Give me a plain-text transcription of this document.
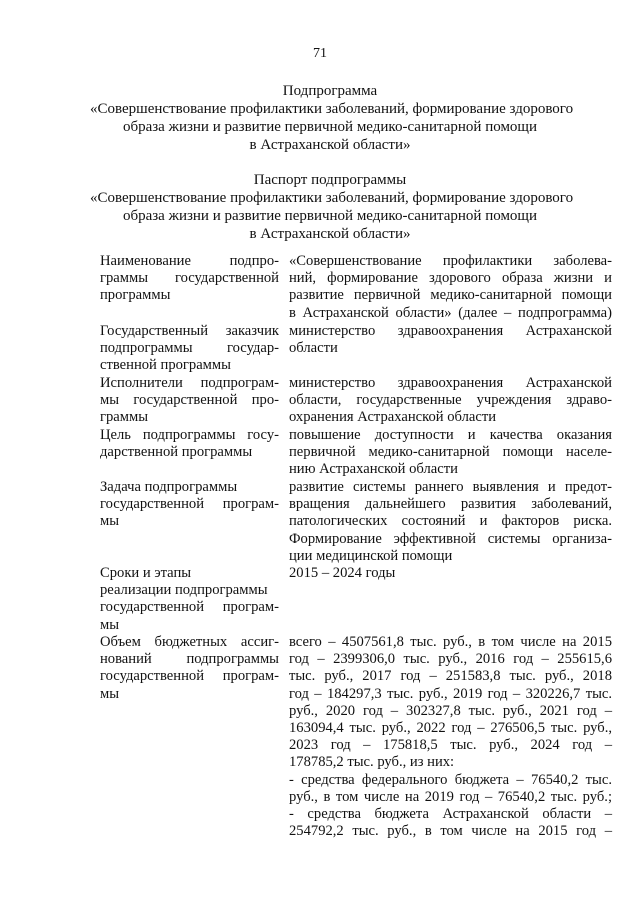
71
Подпрограмма
«Совершенствование профилактики заболеваний, формирование здорового
образа жизни и развитие первичной медико-санитарной помощи
в Астраханской области»
Паспорт подпрограммы
«Совершенствование профилактики заболеваний, формирование здорового
образа жизни и развитие первичной медико-санитарной помощи
в Астраханской области»
Наименование подпро-
граммы государственной
программы
«Совершенствование профилактики заболева-
ний, формирование здорового образа жизни и
развитие первичной медико-санитарной помощи
в Астраханской области» (далее – подпрограмма)
Государственный заказчик
подпрограммы государ-
ственной программы
министерство здравоохранения Астраханской
области
Исполнители подпрограм-
мы государственной про-
граммы
министерство здравоохранения Астраханской
области, государственные учреждения здраво-
охранения Астраханской области
Цель подпрограммы госу-
дарственной программы
повышение доступности и качества оказания
первичной медико-санитарной помощи населе-
нию Астраханской области
Задача подпрограммы
государственной програм-
мы
развитие системы раннего выявления и предот-
вращения дальнейшего развития заболеваний,
патологических состояний и факторов риска.
Формирование эффективной системы организа-
ции медицинской помощи
Сроки и этапы
реализации подпрограммы
государственной програм-
мы
2015 – 2024 годы
Объем бюджетных ассиг-
нований подпрограммы
государственной програм-
мы
всего – 4507561,8 тыс. руб., в том числе на 2015
год – 2399306,0 тыс. руб., 2016 год – 255615,6
тыс. руб., 2017 год – 251583,8 тыс. руб., 2018
год – 184297,3 тыс. руб., 2019 год – 320226,7 тыс.
руб., 2020 год – 302327,8 тыс. руб., 2021 год –
163094,4 тыс. руб., 2022 год – 276506,5 тыс. руб.,
2023 год – 175818,5 тыс. руб., 2024 год –
178785,2 тыс. руб., из них:
- средства федерального бюджета – 76540,2 тыс.
руб., в том числе на 2019 год – 76540,2 тыс. руб.;
- средства бюджета Астраханской области –
254792,2 тыс. руб., в том числе на 2015 год –
